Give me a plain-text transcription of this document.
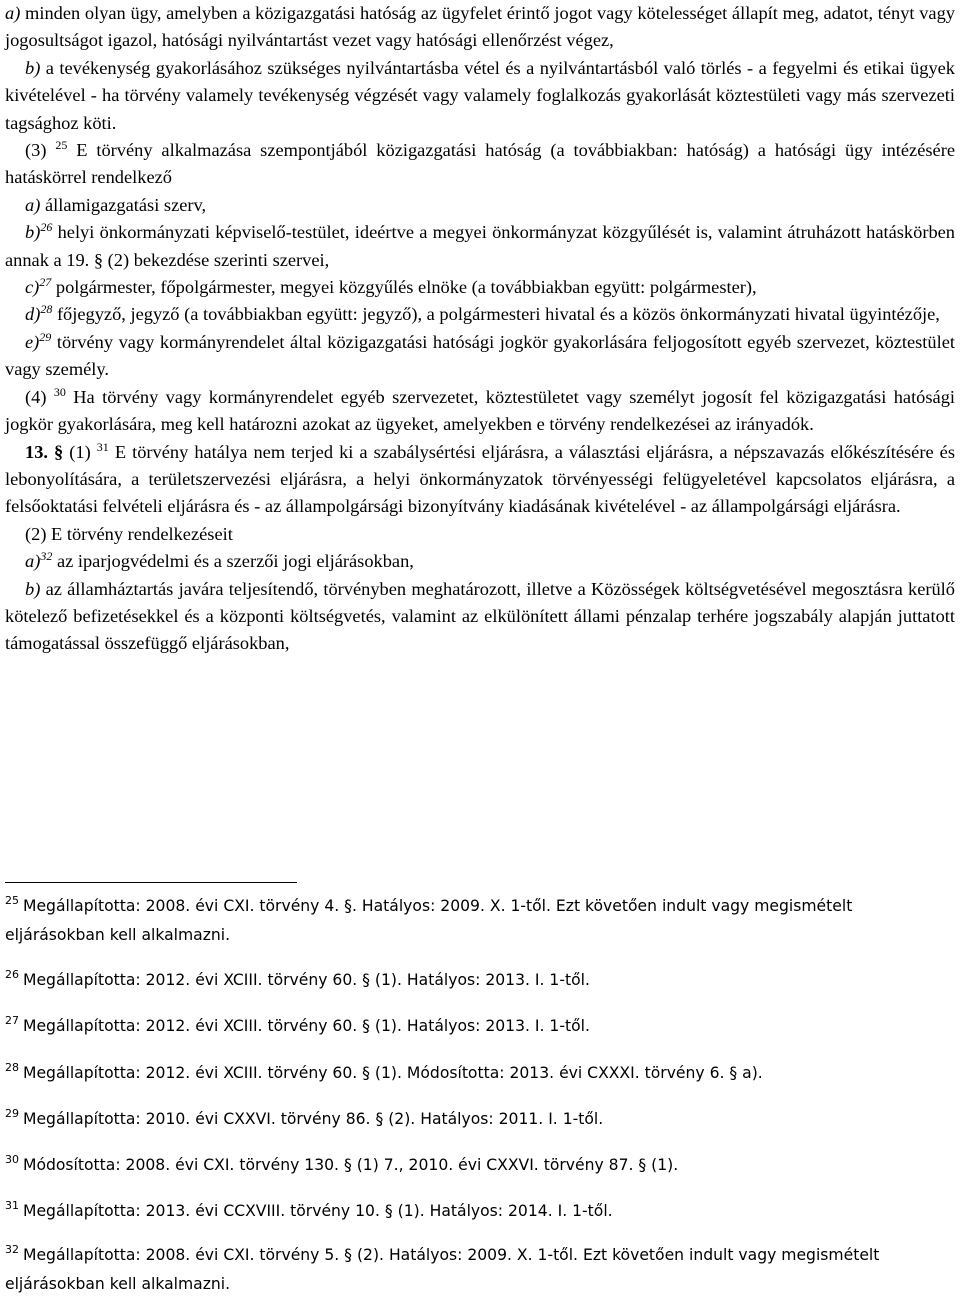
a) minden olyan ügy, amelyben a közigazgatási hatóság az ügyfelet érintő jogot vagy kötelességet állapít meg, adatot, tényt vagy jogosultságot igazol, hatósági nyilvántartást vezet vagy hatósági ellenőrzést végez,

b) a tevékenység gyakorlásához szükséges nyilvántartásba vétel és a nyilvántartásból való törlés - a fegyelmi és etikai ügyek kivételével - ha törvény valamely tevékenység végzését vagy valamely foglalkozás gyakorlását köztestületi vagy más szervezeti tagsághoz köti.

(3) $^{25}$ E törvény alkalmazása szempontjából közigazgatási hatóság (a továbbiakban: hatóság) a hatósági ügy intézésére hatáskörrel rendelkező

a) államigazgatási szerv,

b)$^{26}$ helyi önkormányzati képviselő-testület, ideértve a megyei önkormányzat közgyűlését is, valamint átruházott hatáskörben annak a 19. § (2) bekezdése szerinti szervei,

c)$^{27}$ polgármester, főpolgármester, megyei közgyűlés elnöke (a továbbiakban együtt: polgármester),

d)$^{28}$ főjegyző, jegyző (a továbbiakban együtt: jegyző), a polgármesteri hivatal és a közös önkormányzati hivatal ügyintézője,

e)$^{29}$ törvény vagy kormányrendelet által közigazgatási hatósági jogkör gyakorlására feljogosított egyéb szervezet, köztestület vagy személy.

(4) $^{30}$ Ha törvény vagy kormányrendelet egyéb szervezetet, köztestületet vagy személyt jogosít fel közigazgatási hatósági jogkör gyakorlására, meg kell határozni azokat az ügyeket, amelyekben e törvény rendelkezései az irányadók.

13. § (1) $^{31}$ E törvény hatálya nem terjed ki a szabálysértési eljárásra, a választási eljárásra, a népszavazás előkészítésére és lebonyolítására, a területszervezési eljárásra, a helyi önkormányzatok törvényességi felügyeletével kapcsolatos eljárásra, a felsőoktatási felvételi eljárásra és - az állampolgársági bizonyítvány kiadásának kivételével - az állampolgársági eljárásra.

(2) E törvény rendelkezéseit

a)$^{32}$ az iparjogvédelmi és a szerzői jogi eljárásokban,

b) az államháztartás javára teljesítendő, törvényben meghatározott, illetve a Közösségek költségvetésével megosztásra kerülő kötelező befizetésekkel és a központi költségvetés, valamint az elkülönített állami pénzalap terhére jogszabály alapján juttatott támogatással összefüggő eljárásokban,

$^{25}$ Megállapította: 2008. évi CXI. törvény 4. §. Hatályos: 2009. X. 1-től. Ezt követően indult vagy megismételt eljárásokban kell alkalmazni.
$^{26}$ Megállapította: 2012. évi XCIII. törvény 60. § (1). Hatályos: 2013. I. 1-től.
$^{27}$ Megállapította: 2012. évi XCIII. törvény 60. § (1). Hatályos: 2013. I. 1-től.
$^{28}$ Megállapította: 2012. évi XCIII. törvény 60. § (1). Módosította: 2013. évi CXXXI. törvény 6. § a).
$^{29}$ Megállapította: 2010. évi CXXVI. törvény 86. § (2). Hatályos: 2011. I. 1-től.
$^{30}$ Módosította: 2008. évi CXI. törvény 130. § (1) 7., 2010. évi CXXVI. törvény 87. § (1).
$^{31}$ Megállapította: 2013. évi CCXVIII. törvény 10. § (1). Hatályos: 2014. I. 1-től.
$^{32}$ Megállapította: 2008. évi CXI. törvény 5. § (2). Hatályos: 2009. X. 1-től. Ezt követően indult vagy megismételt eljárásokban kell alkalmazni.
